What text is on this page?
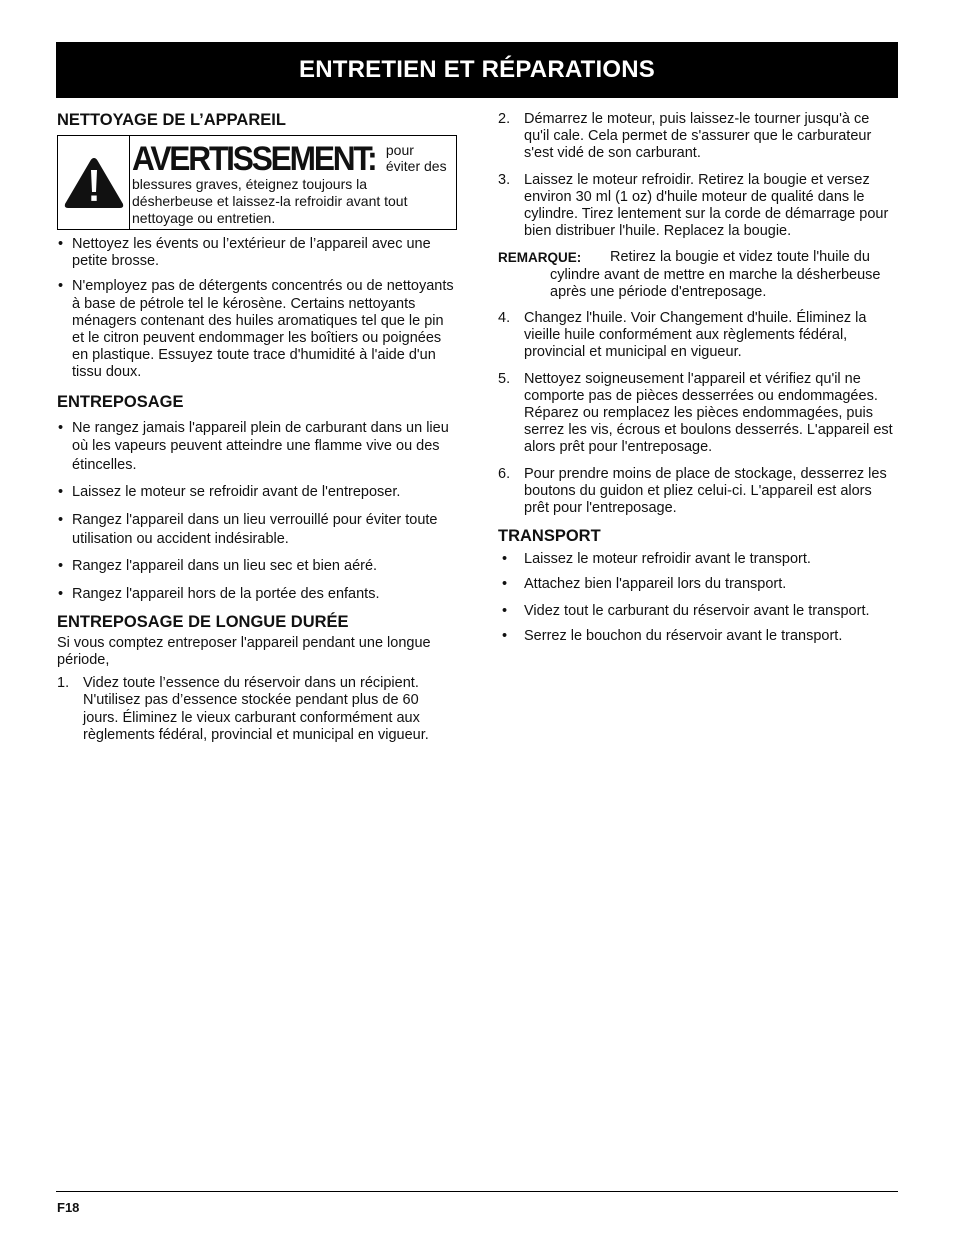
ENTRETIEN ET RÉPARATIONS
NETTOYAGE DE L’APPAREIL
AVERTISSEMENT: pour éviter des
blessures graves, éteignez toujours la désherbeuse et laissez-la refroidir avant tout nettoyage ou entretien.
• Nettoyez les évents ou l’extérieur de l’appareil avec une petite brosse.
• N'employez pas de détergents concentrés ou de nettoyants à base de pétrole tel le kérosène. Certains nettoyants ménagers contenant des huiles aromatiques tel que le pin et le citron peuvent endommager les boîtiers ou poignées en plastique. Essuyez toute trace d'humidité à l'aide d'un tissu doux.
ENTREPOSAGE
• Ne rangez jamais l'appareil plein de carburant dans un lieu où les vapeurs peuvent atteindre une flamme vive ou des étincelles.
• Laissez le moteur se refroidir avant de l'entreposer.
• Rangez l'appareil dans un lieu verrouillé pour éviter toute utilisation ou accident indésirable.
• Rangez l'appareil dans un lieu sec et bien aéré.
• Rangez l'appareil hors de la portée des enfants.
ENTREPOSAGE DE LONGUE DURÉE

Si vous comptez entreposer l'appareil pendant une longue période,

1. Videz toute l’essence du réservoir dans un récipient. N'utilisez pas d’essence stockée pendant plus de 60 jours. Éliminez le vieux carburant conformément aux règlements fédéral, provincial et municipal en vigueur.
2. Démarrez le moteur, puis laissez-le tourner jusqu'à ce qu'il cale. Cela permet de s'assurer que le carburateur s'est vidé de son carburant.
3. Laissez le moteur refroidir. Retirez la bougie et versez environ 30 ml (1 oz) d'huile moteur de qualité dans le cylindre. Tirez lentement sur la corde de démarrage pour bien distribuer l'huile. Replacez la bougie.
REMARQUE: Retirez la bougie et videz toute l'huile du cylindre avant de mettre en marche la désherbeuse après une période d'entreposage.
4. Changez l'huile. Voir Changement d'huile. Éliminez la vieille huile conformément aux règlements fédéral, provincial et municipal en vigueur.
5. Nettoyez soigneusement l'appareil et vérifiez qu'il ne comporte pas de pièces desserrées ou endommagées. Réparez ou remplacez les pièces endommagées, puis serrez les vis, écrous et boulons desserrés. L'appareil est alors prêt pour l'entreposage.
6. Pour prendre moins de place de stockage, desserrez les boutons du guidon et pliez celui-ci. L'appareil est alors prêt pour l'entreposage.
TRANSPORT
• Laissez le moteur refroidir avant le transport.
• Attachez bien l'appareil lors du transport.
• Videz tout le carburant du réservoir avant le transport.
• Serrez le bouchon du réservoir avant le transport.
F18
